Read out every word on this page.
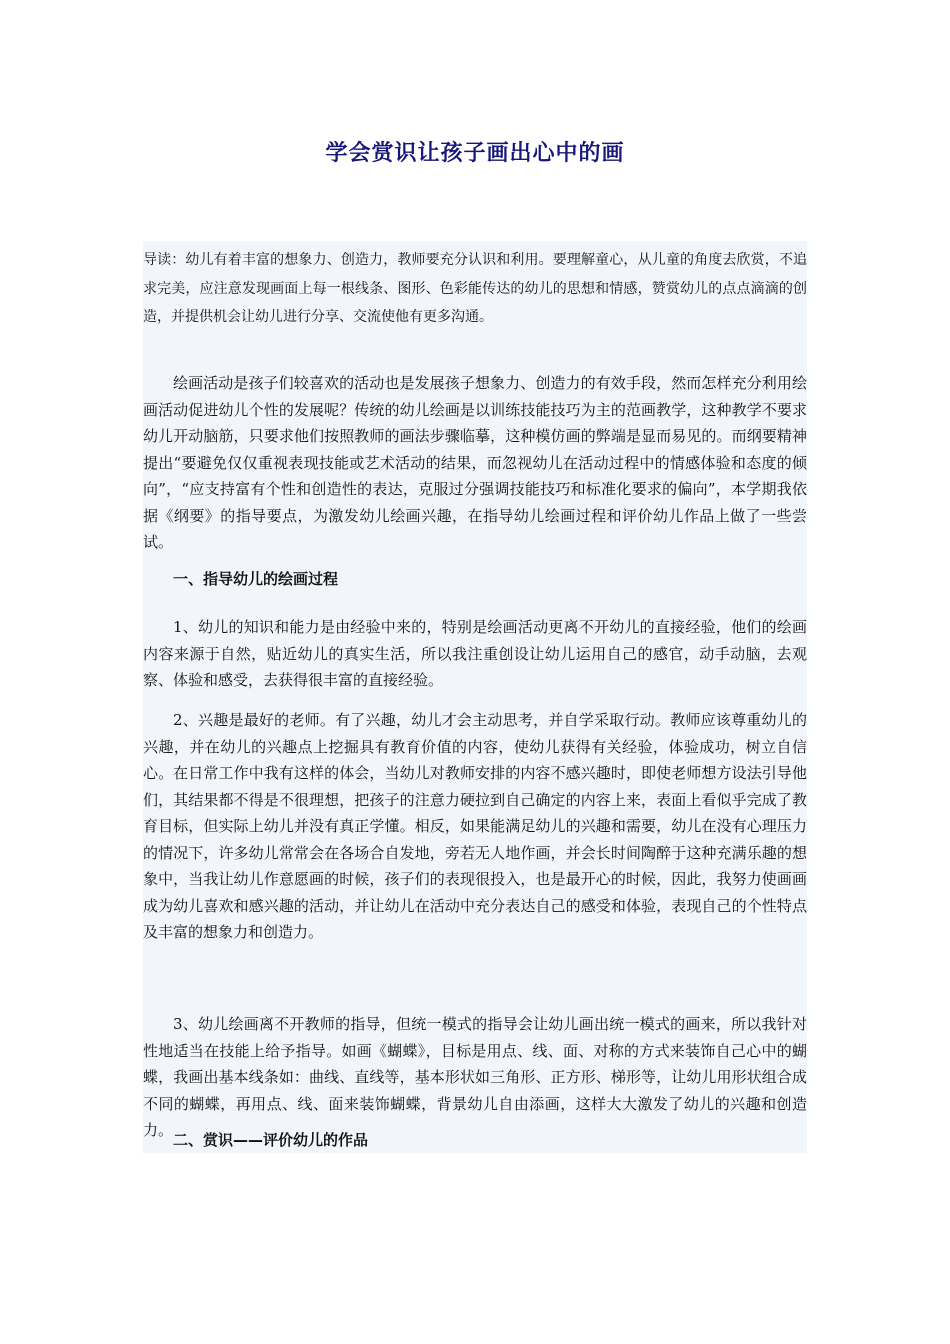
学会赏识让孩子画出心中的画

导读：幼儿有着丰富的想象力、创造力，教师要充分认识和利用。要理解童心，从儿童的角度去欣赏，不追求完美，应注意发现画面上每一根线条、图形、色彩能传达的幼儿的思想和情感，赞赏幼儿的点点滴滴的创造，并提供机会让幼儿进行分享、交流使他有更多沟通。

绘画活动是孩子们较喜欢的活动也是发展孩子想象力、创造力的有效手段，然而怎样充分利用绘画活动促进幼儿个性的发展呢？传统的幼儿绘画是以训练技能技巧为主的范画教学，这种教学不要求幼儿开动脑筋，只要求他们按照教师的画法步骤临摹，这种模仿画的弊端是显而易见的。而纲要精神提出“要避免仅仅重视表现技能或艺术活动的结果，而忽视幼儿在活动过程中的情感体验和态度的倾向”，“应支持富有个性和创造性的表达，克服过分强调技能技巧和标准化要求的偏向”，本学期我依据《纲要》的指导要点，为激发幼儿绘画兴趣，在指导幼儿绘画过程和评价幼儿作品上做了一些尝试。

一、指导幼儿的绘画过程

1、幼儿的知识和能力是由经验中来的，特别是绘画活动更离不开幼儿的直接经验，他们的绘画内容来源于自然，贴近幼儿的真实生活，所以我注重创设让幼儿运用自己的感官，动手动脑，去观察、体验和感受，去获得很丰富的直接经验。

2、兴趣是最好的老师。有了兴趣，幼儿才会主动思考，并自学采取行动。教师应该尊重幼儿的兴趣，并在幼儿的兴趣点上挖掘具有教育价值的内容，使幼儿获得有关经验，体验成功，树立自信心。在日常工作中我有这样的体会，当幼儿对教师安排的内容不感兴趣时，即使老师想方设法引导他们，其结果都不得是不很理想，把孩子的注意力硬拉到自己确定的内容上来，表面上看似乎完成了教育目标，但实际上幼儿并没有真正学懂。相反，如果能满足幼儿的兴趣和需要，幼儿在没有心理压力的情况下，许多幼儿常常会在各场合自发地，旁若无人地作画，并会长时间陶醉于这种充满乐趣的想象中，当我让幼儿作意愿画的时候，孩子们的表现很投入，也是最开心的时候，因此，我努力使画画成为幼儿喜欢和感兴趣的活动，并让幼儿在活动中充分表达自己的感受和体验，表现自己的个性特点及丰富的想象力和创造力。

3、幼儿绘画离不开教师的指导，但统一模式的指导会让幼儿画出统一模式的画来，所以我针对性地适当在技能上给予指导。如画《蝴蝶》，目标是用点、线、面、对称的方式来装饰自己心中的蝴蝶，我画出基本线条如：曲线、直线等，基本形状如三角形、正方形、梯形等，让幼儿用形状组合成不同的蝴蝶，再用点、线、面来装饰蝴蝶，背景幼儿自由添画，这样大大激发了幼儿的兴趣和创造力。

二、赏识——评价幼儿的作品
